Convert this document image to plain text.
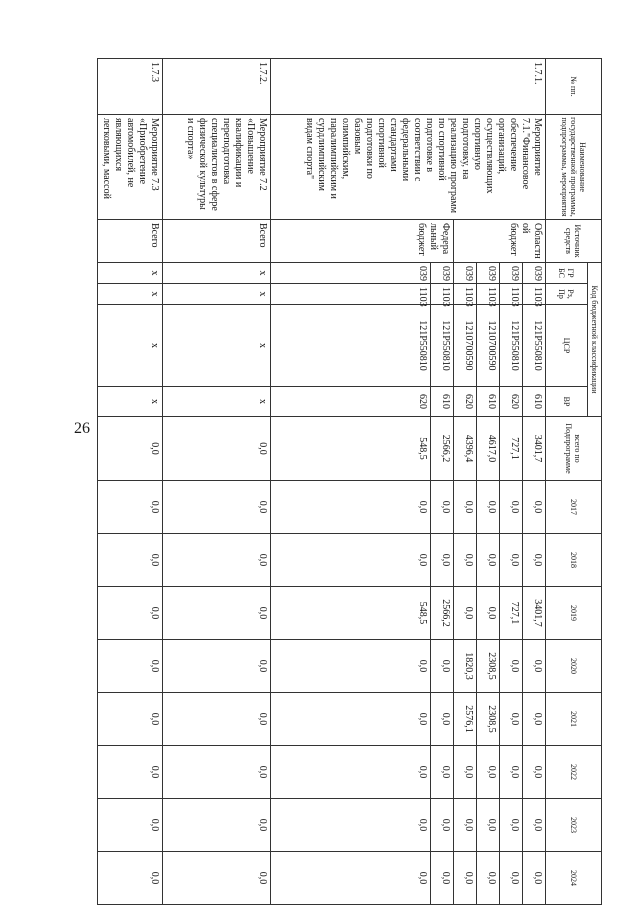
26
№ пп.	Наименование государственной программы, подпрограммы, мероприятия	Источник средств	Код бюджетной классификации				всего по Подпрограмме	2017	2018	2019	2020	2021	2022	2023	2024
			ГР БС	Рз, Пр	ЦСР	ВР									
1.7.1.	Мероприятие 7.1."Финансовое обеспечение организаций, осуществляющих спортивную подготовку, на реализацию программ по спортивной подготовке в соответствии с федеральными стандартами спортивной подготовки по базовым олимпийским, паралимпийским и сурдлимпийским видам спорта"	Областной бюджет	039	1103	121P550810	610	3401,7	0,0	0,0	3401,7	0,0	0,0	0,0	0,0	0,0
			039	1103	121P550810	620	727,1	0,0	0,0	727,1	0,0	0,0	0,0	0,0	0,0
			039	1103	1210700590	610	4617,0	0,0	0,0	0,0	2308,5	2308,5	0,0	0,0	0,0
			039	1103	1210700590	620	4396,4	0,0	0,0	0,0	1820,3	2576,1	0,0	0,0	0,0
		Федеральный бюджет	039	1103	121P550810	610	2566,2	0,0	0,0	2566,2	0,0	0,0	0,0	0,0	0,0
			039	1103	121P550810	620	548,5	0,0	0,0	548,5	0,0	0,0	0,0	0,0	0,0
1.7.2.	Мероприятие 7.2 «Повышение квалификации и переподготовка специалистов в сфере физической культуры и спорта»	Всего	х	х	х	х	0,0	0,0	0,0	0,0	0,0	0,0	0,0	0,0	0,0
1.7.3	Мероприятие 7.3 «Приобретение автомобилей, не являющихся легковыми, массой	Всего	х	х	х	х	0,0	0,0	0,0	0,0	0,0	0,0	0,0	0,0	0,0
